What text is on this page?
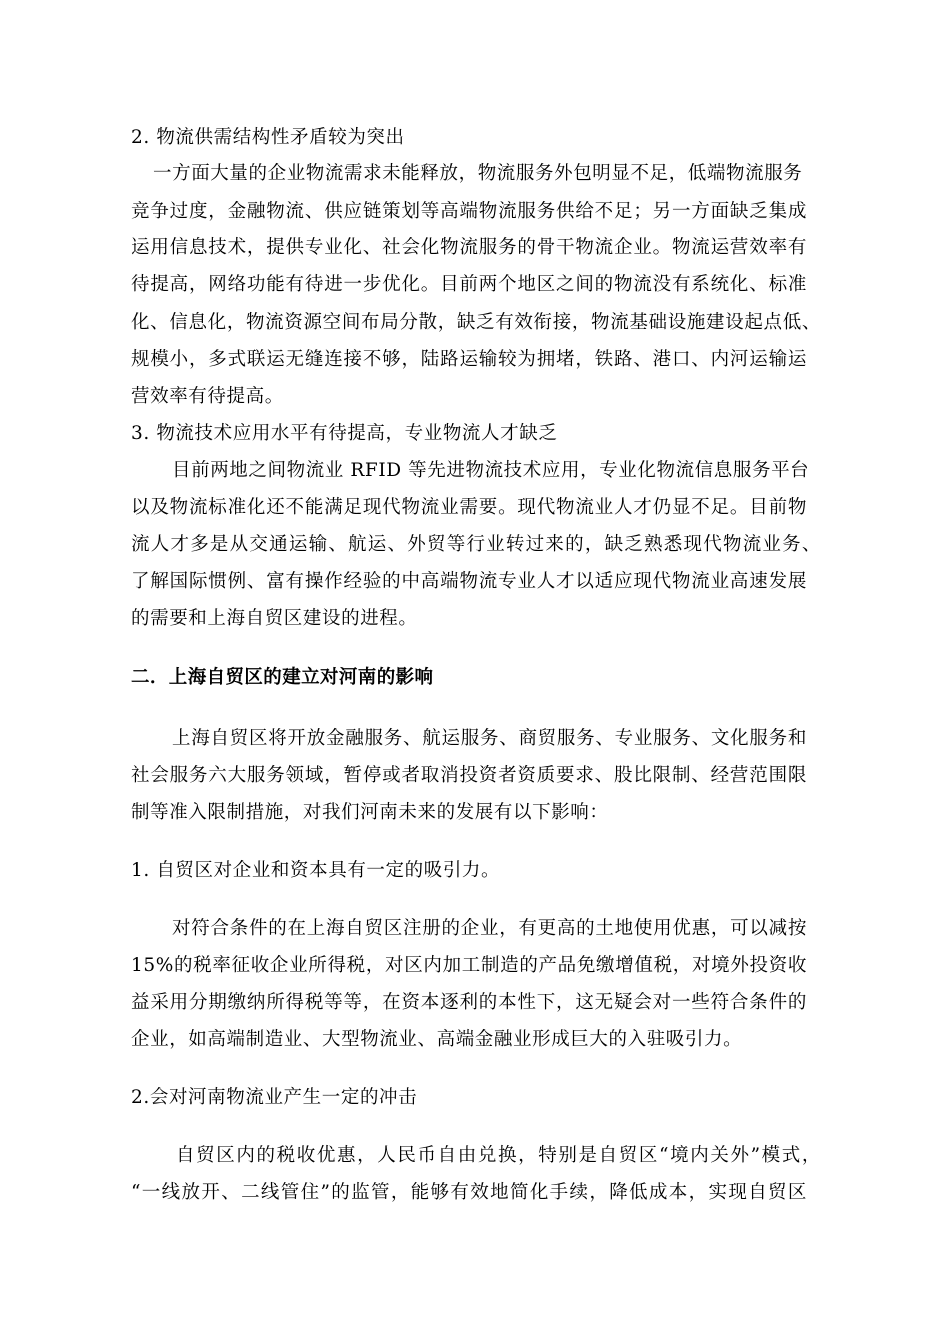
2. 物流供需结构性矛盾较为突出
一方面大量的企业物流需求未能释放，物流服务外包明显不足，低端物流服务
竞争过度，金融物流、供应链策划等高端物流服务供给不足；另一方面缺乏集成
运用信息技术，提供专业化、社会化物流服务的骨干物流企业。物流运营效率有
待提高，网络功能有待进一步优化。目前两个地区之间的物流没有系统化、标准
化、信息化，物流资源空间布局分散，缺乏有效衔接，物流基础设施建设起点低、
规模小，多式联运无缝连接不够，陆路运输较为拥堵，铁路、港口、内河运输运
营效率有待提高。
3. 物流技术应用水平有待提高，专业物流人才缺乏
目前两地之间物流业 RFID 等先进物流技术应用，专业化物流信息服务平台
以及物流标准化还不能满足现代物流业需要。现代物流业人才仍显不足。目前物
流人才多是从交通运输、航运、外贸等行业转过来的，缺乏熟悉现代物流业务、
了解国际惯例、富有操作经验的中高端物流专业人才以适应现代物流业高速发展
的需要和上海自贸区建设的进程。
二．上海自贸区的建立对河南的影响
上海自贸区将开放金融服务、航运服务、商贸服务、专业服务、文化服务和
社会服务六大服务领域，暂停或者取消投资者资质要求、股比限制、经营范围限
制等准入限制措施，对我们河南未来的发展有以下影响：
1. 自贸区对企业和资本具有一定的吸引力。
对符合条件的在上海自贸区注册的企业，有更高的土地使用优惠，可以减按
15%的税率征收企业所得税，对区内加工制造的产品免缴增值税，对境外投资收
益采用分期缴纳所得税等等，在资本逐利的本性下，这无疑会对一些符合条件的
企业，如高端制造业、大型物流业、高端金融业形成巨大的入驻吸引力。
2.会对河南物流业产生一定的冲击
自贸区内的税收优惠，人民币自由兑换，特别是自贸区“境内关外”模式，
“一线放开、二线管住”的监管，能够有效地简化手续，降低成本，实现自贸区
